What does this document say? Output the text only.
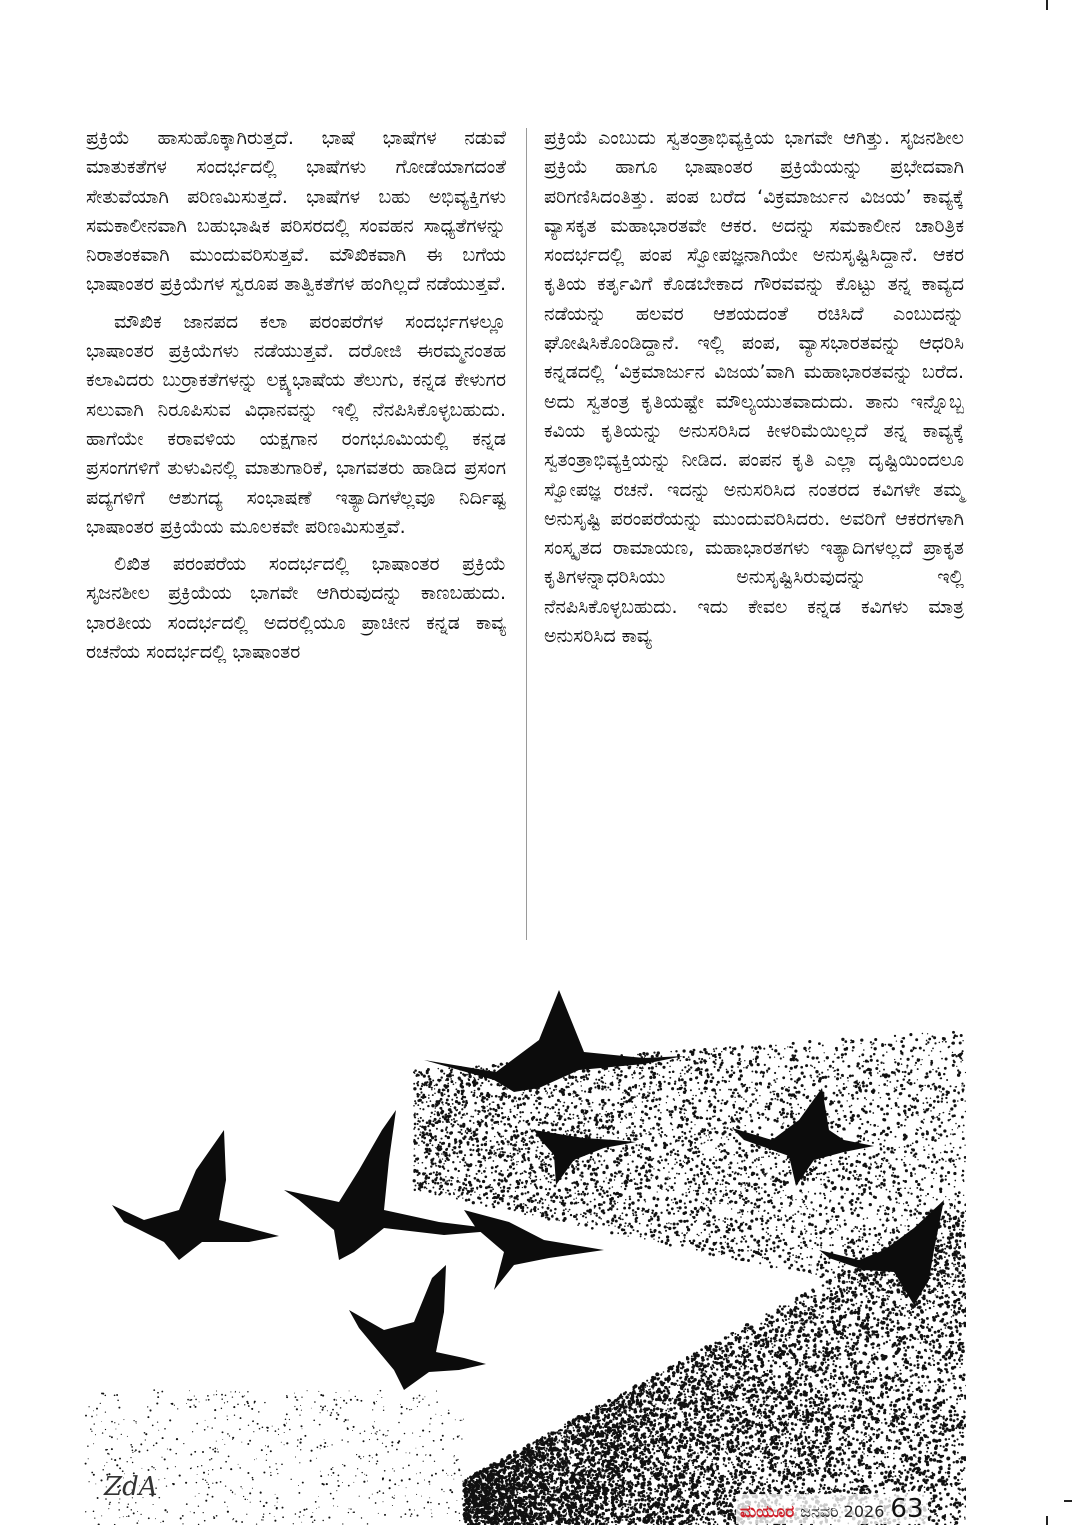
ಪ್ರಕ್ರಿಯೆ ಹಾಸುಹೊಕ್ಕಾಗಿರುತ್ತದೆ. ಭಾಷೆ ಭಾಷೆಗಳ ನಡುವೆ ಮಾತುಕತೆಗಳ ಸಂದರ್ಭದಲ್ಲಿ ಭಾಷೆಗಳು ಗೋಡೆಯಾಗದಂತೆ ಸೇತುವೆಯಾಗಿ ಪರಿಣಮಿಸುತ್ತದೆ. ಭಾಷೆಗಳ ಬಹು ಅಭಿವ್ಯಕ್ತಿಗಳು ಸಮಕಾಲೀನವಾಗಿ ಬಹುಭಾಷಿಕ ಪರಿಸರದಲ್ಲಿ ಸಂವಹನ ಸಾಧ್ಯತೆಗಳನ್ನು ನಿರಾತಂಕವಾಗಿ ಮುಂದುವರಿಸುತ್ತವೆ. ಮೌಖಿಕವಾಗಿ ಈ ಬಗೆಯ ಭಾಷಾಂತರ ಪ್ರಕ್ರಿಯೆಗಳ ಸ್ವರೂಪ ತಾತ್ವಿಕತೆಗಳ ಹಂಗಿಲ್ಲದೆ ನಡೆಯುತ್ತವೆ.

ಮೌಖಿಕ ಜಾನಪದ ಕಲಾ ಪರಂಪರೆಗಳ ಸಂದರ್ಭಗಳಲ್ಲೂ ಭಾಷಾಂತರ ಪ್ರಕ್ರಿಯೆಗಳು ನಡೆಯುತ್ತವೆ. ದರೋಜಿ ಈರಮ್ಮನಂತಹ ಕಲಾವಿದರು ಬುರ್ರಾಕತೆಗಳನ್ನು ಲಕ್ಷ್ಯಭಾಷೆಯ ತೆಲುಗು, ಕನ್ನಡ ಕೇಳುಗರ ಸಲುವಾಗಿ ನಿರೂಪಿಸುವ ವಿಧಾನವನ್ನು ಇಲ್ಲಿ ನೆನಪಿಸಿಕೊಳ್ಳಬಹುದು. ಹಾಗೆಯೇ ಕರಾವಳಿಯ ಯಕ್ಷಗಾನ ರಂಗಭೂಮಿಯಲ್ಲಿ ಕನ್ನಡ ಪ್ರಸಂಗಗಳಿಗೆ ತುಳುವಿನಲ್ಲಿ ಮಾತುಗಾರಿಕೆ, ಭಾಗವತರು ಹಾಡಿದ ಪ್ರಸಂಗ ಪದ್ಯಗಳಿಗೆ ಆಶುಗದ್ಯ ಸಂಭಾಷಣೆ ಇತ್ಯಾದಿಗಳೆಲ್ಲವೂ ನಿರ್ದಿಷ್ಟ ಭಾಷಾಂತರ ಪ್ರಕ್ರಿಯೆಯ ಮೂಲಕವೇ ಪರಿಣಮಿಸುತ್ತವೆ.

ಲಿಖಿತ ಪರಂಪರೆಯ ಸಂದರ್ಭದಲ್ಲಿ ಭಾಷಾಂತರ ಪ್ರಕ್ರಿಯೆ ಸೃಜನಶೀಲ ಪ್ರಕ್ರಿಯೆಯ ಭಾಗವೇ ಆಗಿರುವುದನ್ನು ಕಾಣಬಹುದು. ಭಾರತೀಯ ಸಂದರ್ಭದಲ್ಲಿ ಅದರಲ್ಲಿಯೂ ಪ್ರಾಚೀನ ಕನ್ನಡ ಕಾವ್ಯ ರಚನೆಯ ಸಂದರ್ಭದಲ್ಲಿ ಭಾಷಾಂತರ

ಪ್ರಕ್ರಿಯೆ ಎಂಬುದು ಸ್ವತಂತ್ರಾಭಿವ್ಯಕ್ತಿಯ ಭಾಗವೇ ಆಗಿತ್ತು. ಸೃಜನಶೀಲ ಪ್ರಕ್ರಿಯೆ ಹಾಗೂ ಭಾಷಾಂತರ ಪ್ರಕ್ರಿಯೆಯನ್ನು ಪ್ರಭೇದವಾಗಿ ಪರಿಗಣಿಸಿದಂತಿತ್ತು. ಪಂಪ ಬರೆದ ‘ವಿಕ್ರಮಾರ್ಜುನ ವಿಜಯ’ ಕಾವ್ಯಕ್ಕೆ ವ್ಯಾಸಕೃತ ಮಹಾಭಾರತವೇ ಆಕರ. ಅದನ್ನು ಸಮಕಾಲೀನ ಚಾರಿತ್ರಿಕ ಸಂದರ್ಭದಲ್ಲಿ ಪಂಪ ಸ್ವೋಪಜ್ಞನಾಗಿಯೇ ಅನುಸೃಷ್ಟಿಸಿದ್ದಾನೆ. ಆಕರ ಕೃತಿಯ ಕರ್ತೃವಿಗೆ ಕೊಡಬೇಕಾದ ಗೌರವವನ್ನು ಕೊಟ್ಟು ತನ್ನ ಕಾವ್ಯದ ನಡೆಯನ್ನು ಹಲವರ ಆಶಯದಂತೆ ರಚಿಸಿದೆ ಎಂಬುದನ್ನು ಘೋಷಿಸಿಕೊಂಡಿದ್ದಾನೆ. ಇಲ್ಲಿ ಪಂಪ, ವ್ಯಾಸಭಾರತವನ್ನು ಆಧರಿಸಿ ಕನ್ನಡದಲ್ಲಿ ‘ವಿಕ್ರಮಾರ್ಜುನ ವಿಜಯ’ವಾಗಿ ಮಹಾಭಾರತವನ್ನು ಬರೆದ. ಅದು ಸ್ವತಂತ್ರ ಕೃತಿಯಷ್ಟೇ ಮೌಲ್ಯಯುತವಾದುದು. ತಾನು ಇನ್ನೊಬ್ಬ ಕವಿಯ ಕೃತಿಯನ್ನು ಅನುಸರಿಸಿದ ಕೀಳರಿಮೆಯಿಲ್ಲದೆ ತನ್ನ ಕಾವ್ಯಕ್ಕೆ ಸ್ವತಂತ್ರಾಭಿವ್ಯಕ್ತಿಯನ್ನು ನೀಡಿದ. ಪಂಪನ ಕೃತಿ ಎಲ್ಲಾ ದೃಷ್ಟಿಯಿಂದಲೂ ಸ್ವೋಪಜ್ಞ ರಚನೆ. ಇದನ್ನು ಅನುಸರಿಸಿದ ನಂತರದ ಕವಿಗಳೇ ತಮ್ಮ ಅನುಸೃಷ್ಟಿ ಪರಂಪರೆಯನ್ನು ಮುಂದುವರಿಸಿದರು. ಅವರಿಗೆ ಆಕರಗಳಾಗಿ ಸಂಸ್ಕೃತದ ರಾಮಾಯಣ, ಮಹಾಭಾರತಗಳು ಇತ್ಯಾದಿಗಳಲ್ಲದೆ ಪ್ರಾಕೃತ ಕೃತಿಗಳನ್ನಾಧರಿಸಿಯು ಅನುಸೃಷ್ಟಿಸಿರುವುದನ್ನು ಇಲ್ಲಿ ನೆನಪಿಸಿಕೊಳ್ಳಬಹುದು. ಇದು ಕೇವಲ ಕನ್ನಡ ಕವಿಗಳು ಮಾತ್ರ ಅನುಸರಿಸಿದ ಕಾವ್ಯ

ZdA
ಮಯೂರ ಜನವರಿ 2026 63
